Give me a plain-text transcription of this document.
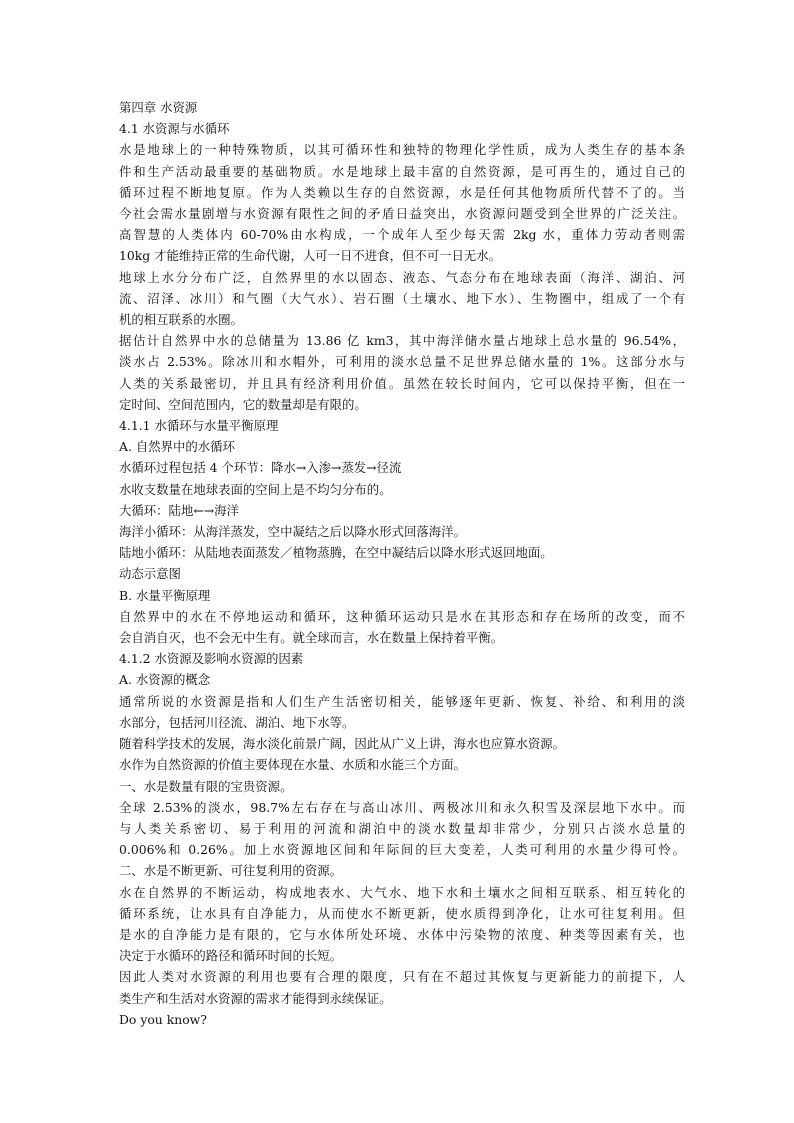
第四章 水资源

4.1 水资源与水循环

水是地球上的一种特殊物质，以其可循环性和独特的物理化学性质，成为人类生存的基本条

件和生产活动最重要的基础物质。水是地球上最丰富的自然资源，是可再生的，通过自己的

循环过程不断地复原。作为人类赖以生存的自然资源，水是任何其他物质所代替不了的。当

今社会需水量剧增与水资源有限性之间的矛盾日益突出，水资源问题受到全世界的广泛关注。

高智慧的人类体内 60-70%由水构成，一个成年人至少每天需 2kg 水，重体力劳动者则需

10kg 才能维持正常的生命代谢，人可一日不进食，但不可一日无水。

地球上水分分布广泛，自然界里的水以固态、液态、气态分布在地球表面（海洋、湖泊、河

流、沼泽、冰川）和气圈（大气水）、岩石圈（土壤水、地下水）、生物圈中，组成了一个有

机的相互联系的水圈。

据估计自然界中水的总储量为 13.86 亿 km3，其中海洋储水量占地球上总水量的 96.54%，

淡水占 2.53%。除冰川和水帽外，可利用的淡水总量不足世界总储水量的 1%。这部分水与

人类的关系最密切，并且具有经济利用价值。虽然在较长时间内，它可以保持平衡，但在一

定时间、空间范围内，它的数量却是有限的。

4.1.1 水循环与水量平衡原理

A. 自然界中的水循环

水循环过程包括 4 个环节：降水→入渗→蒸发→径流

水收支数量在地球表面的空间上是不均匀分布的。

大循环：陆地←→海洋

海洋小循环：从海洋蒸发，空中凝结之后以降水形式回落海洋。

陆地小循环：从陆地表面蒸发／植物蒸腾，在空中凝结后以降水形式返回地面。

动态示意图

B. 水量平衡原理

自然界中的水在不停地运动和循环，这种循环运动只是水在其形态和存在场所的改变，而不

会自消自灭，也不会无中生有。就全球而言，水在数量上保持着平衡。

4.1.2 水资源及影响水资源的因素

A. 水资源的概念

通常所说的水资源是指和人们生产生活密切相关，能够逐年更新、恢复、补给、和利用的淡

水部分，包括河川径流、湖泊、地下水等。

随着科学技术的发展，海水淡化前景广阔，因此从广义上讲，海水也应算水资源。

水作为自然资源的价值主要体现在水量、水质和水能三个方面。

一、水是数量有限的宝贵资源。

全球 2.53%的淡水，98.7%左右存在与高山冰川、两极冰川和永久积雪及深层地下水中。而

与人类关系密切、易于利用的河流和湖泊中的淡水数量却非常少，分别只占淡水总量的

0.006%和 0.26%。加上水资源地区间和年际间的巨大变差，人类可利用的水量少得可怜。

二、水是不断更新、可往复利用的资源。

水在自然界的不断运动，构成地表水、大气水、地下水和土壤水之间相互联系、相互转化的

循环系统，让水具有自净能力，从而使水不断更新，使水质得到净化，让水可往复利用。但

是水的自净能力是有限的，它与水体所处环境、水体中污染物的浓度、种类等因素有关，也

决定于水循环的路径和循环时间的长短。

因此人类对水资源的利用也要有合理的限度，只有在不超过其恢复与更新能力的前提下，人

类生产和生活对水资源的需求才能得到永续保证。

Do you know?
